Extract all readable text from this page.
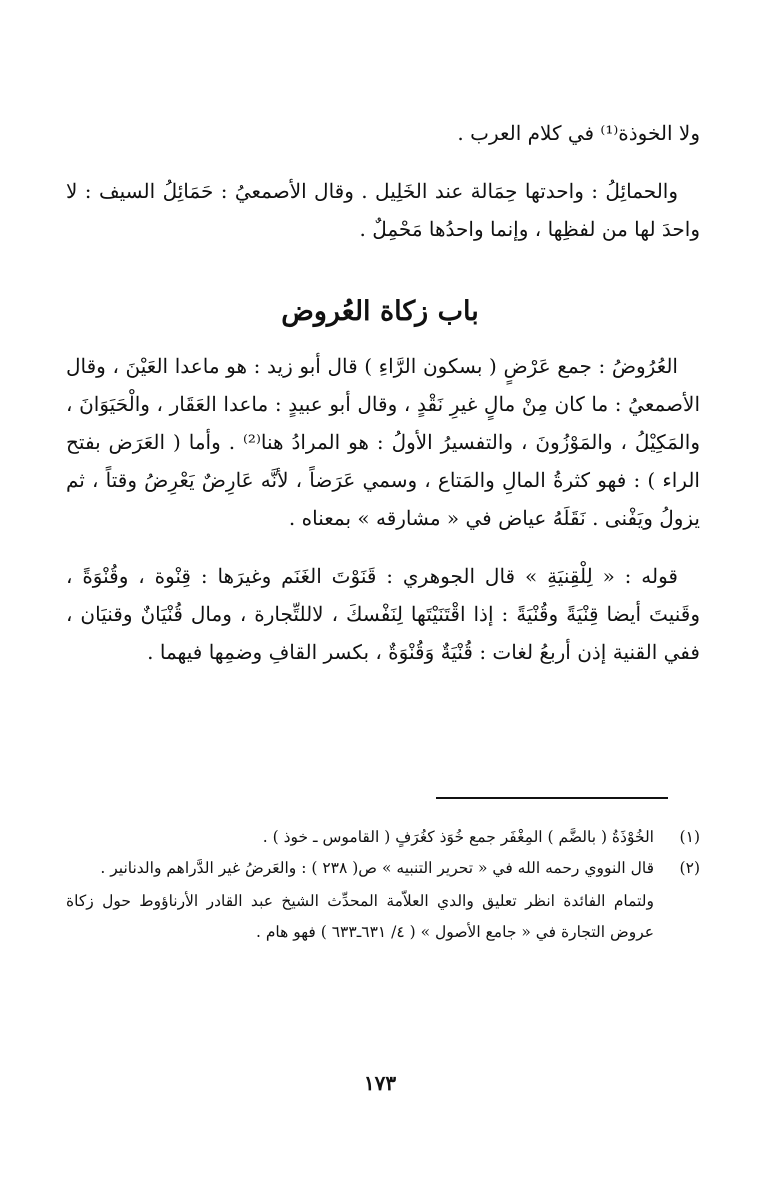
ولا الخوذة⁽¹⁾ في كلام العرب .

والحمائِلُ : واحدتها حِمَالة عند الخَلِيل . وقال الأصمعيُ : حَمَائِلُ السيف : لا واحدَ لها من لفظِها ، وإنما واحدُها مَحْمِلٌ .

باب زكاة العُروض

العُرُوضُ : جمع عَرْضٍ ( بسكون الرَّاءِ ) قال أبو زيد : هو ماعدا العَيْنَ ، وقال الأصمعيُ : ما كان مِنْ مالٍ غيرِ نَقْدٍ ، وقال أبو عبيدٍ : ماعدا العَقَار ، والْحَيَوَانَ ، والمَكِيْلُ ، والمَوْزُونَ ، والتفسيرُ الأولُ : هو المرادُ هنا⁽²⁾ . وأما ( العَرَض بفتح الراء ) : فهو كثرةُ المالِ والمَتاع ، وسمي عَرَضاً ، لأنَّه عَارِضٌ يَعْرِضُ وقتاً ، ثم يزولُ ويَفْنى . نَقَلَهُ عياض في « مشارقه » بمعناه .

قوله : « لِلْقِنيَةِ » قال الجوهري : قَنَوْتَ الغَنَم وغيرَها : قِنْوة ، وقُنْوَةً ، وقَنيتَ أيضا قِنْيَةً وقُنْيَةً : إذا اقْتَنَيْتَها لِنَفْسكَ ، لاللتِّجارة ، ومال قُنْيَانٌ وقنيَان ، ففي القنية إذن أربعُ لغات : قُنْيَةٌ وَقُنْوَةٌ ، بكسر القافِ وضمِها فيهما .

(١)
الخُوْذَةُ ( بالضَّم ) المِغْفَر جمع خُوَذ كغُرَفٍ ( القاموس ـ خوذ ) .
(٢)
قال النووي رحمه الله في « تحرير التنبيه » ص( ٢٣٨ ) : والعَرضُ غير الدَّراهم والدنانير .

ولتمام الفائدة انظر تعليق والدي العلاّمة المحدِّث الشيخ عبد القادر الأرناؤوط حول زكاة عروض التجارة في « جامع الأصول » ( ٤/ ٦٣١ـ٦٣٣ ) فهو هام .

١٧٣
